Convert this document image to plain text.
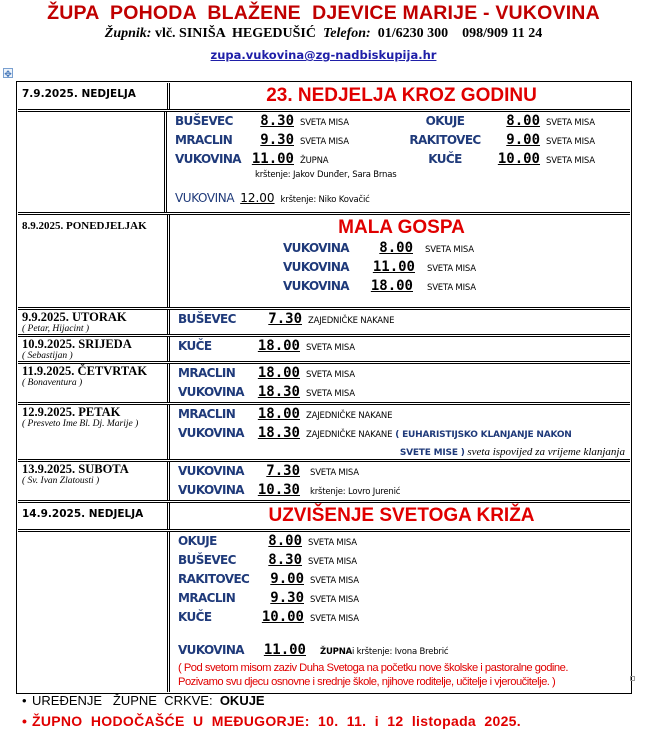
ŽUPA  POHODA  BLAŽENE  DJEVICE MARIJE - VUKOVINA
Župnik: vlč. SINIŠA  HEGEDUŠIĆ  Telefon:  01/6230 300    098/909 11 24
zupa.vukovina@zg-nadbiskupija.hr
✥
7.9.2025. NEDJELJA	23. NEDJELJA KROZ GODINU
BUŠEVEC	8.30 SVETA MISA
MRACLIN	9.30 SVETA MISA
VUKOVINA 11.00 ŽUPNA
OKUJE	8.00 SVETA MISA
RAKITOVEC	9.00 SVETA MISA
KUČE	10.00 SVETA MISA
krštenje: Jakov Dunđer, Sara Brnas
VUKOVINA 12.00 krštenje: Niko Kovačić
8.9.2025. PONEDJELJAK	MALA GOSPA
VUKOVINA	8.00 SVETA MISA
VUKOVINA	11.00 SVETA MISA
VUKOVINA	18.00 SVETA MISA
9.9.2025. UTORAK
( Petar, Hijacint )
BUŠEVEC	7.30 ZAJEDNIČKE NAKANE
10.9.2025. SRIJEDA
( Sebastijan )
KUČE	18.00 SVETA MISA
11.9.2025. ČETVRTAK
( Bonaventura )
MRACLIN	18.00 SVETA MISA
VUKOVINA 18.30 SVETA MISA
12.9.2025. PETAK
( Presveto Ime Bl. Dj. Marije )
MRACLIN	18.00 ZAJEDNIČKE NAKANE
VUKOVINA 18.30 ZAJEDNIČKE NAKANE ( EUHARISTIJSKO KLANJANJE NAKON
SVETE MISE ) sveta ispovijed za vrijeme klanjanja
13.9.2025. SUBOTA
( Sv. Ivan Zlatousti )
VUKOVINA	7.30 SVETA MISA
VUKOVINA 10.30 krštenje: Lovro Jurenić
14.9.2025. NEDJELJA	UZVIŠENJE SVETOGA KRIŽA
OKUJE	8.00 SVETA MISA
BUŠEVEC	8.30 SVETA MISA
RAKITOVEC	9.00 SVETA MISA
MRACLIN	9.30 SVETA MISA
KUČE	10.00 SVETA MISA
VUKOVINA	11.00 ŽUPNA i krštenje: Ivona Brebrić
( Pod svetom misom zaziv Duha Svetoga na početku nove školske i pastoralne godine.
Pozivamo svu djecu osnovne i srednje škole, njihove roditelje, učitelje i vjeroučitelje. )
• UREĐENJE   ŽUPNE  CRKVE:  OKUJE
• ŽUPNO  HODOČAŠĆE  U  MEĐUGORJE:  10.  11.  i  12  listopada  2025.
